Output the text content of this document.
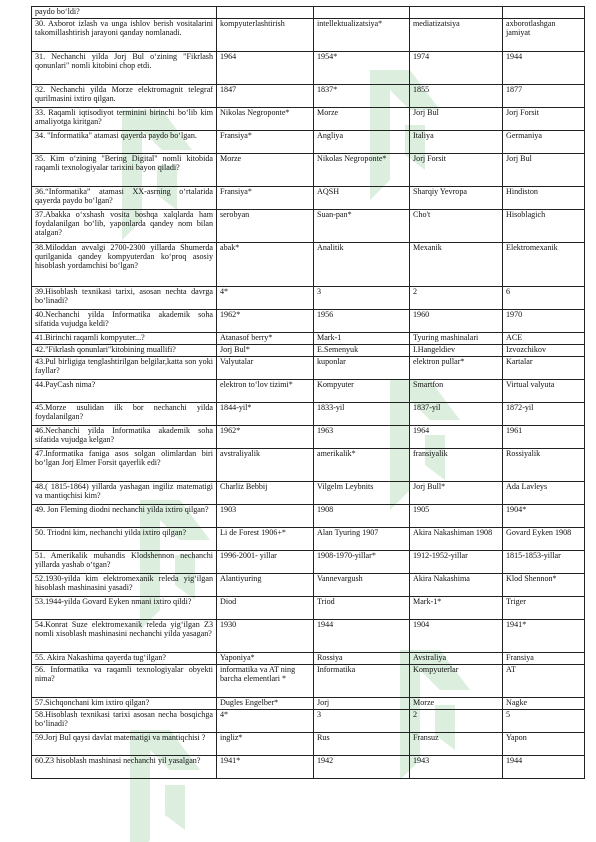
paydo bo‘ldi?				
30. Axborot izlash va unga ishlov berish vositalarini takomillashtirish jarayoni qanday nomlanadi.	kompyuterlashtirish	intellektualizatsiya*	mediatizatsiya	axborotlashgan jamiyat
31. Nechanchi yilda Jorj Bul o‘zining "Fikrlash qonunlari" nomli kitobini chop etdi.	1964	1954*	1974	1944
32. Nechanchi yilda Morze elektromagnit telegraf qurilmasini ixtiro qilgan.	1847	1837*	1855	1877
33. Raqamli iqtisodiyot terminini birinchi bo‘lib kim amaliyotga kiritgan?	Nikolas Negroponte*	Morze	Jorj Bul	Jorj Forsit
34. "Informatika" atamasi qayerda paydo bo‘lgan.	Fransiya*	Angliya	Italiya	Germaniya
35. Kim o‘zining "Bering Digital" nomli kitobida raqamli texnologiyalar tarixini bayon qiladi?	Morze	Nikolas Negroponte*	Jorj Forsit	Jorj Bul
36.“Informatika” atamasi XX-asrning o‘rtalarida qayerda paydo bo‘lgan?	Fransiya*	AQSH	Sharqiy Yevropa	Hindiston
37.Abakka o‘xshash vosita boshqa xalqlarda ham foydalanilgan bo‘lib, yaponlarda qandey nom bilan atalgan?	serobyan	Suan-pan*	Cho't	Hisoblagich
38.Miloddan avvalgi 2700-2300 yillarda Shumerda qurilganida qandey kompyuterdan ko‘proq asosiy hisoblash yordamchisi bo‘lgan?	abak*	Analitik	Mexanik	Elektromexanik
39.Hisoblash texnikasi tarixi, asosan nechta davrga bo‘linadi?	4*	3	2	6
40.Nechanchi yilda Informatika akademik soha sifatida vujudga keldi?	1962*	1956	1960	1970
41.Birinchi raqamli kompyuter...?	Atanasof berry*	Mark-1	Tyuring mashinalari	ACE
42."Fikrlash qonunlari"kitobining muallifi?	Jorj Bul*	E.Semenyuk	I.Hangeldiev	Izvozchikov
43.Pul birligiga tenglashtirilgan belgilar,katta son yoki fayllar?	Valyutalar	kuponlar	elektron pullar*	Kartalar
44.PayCash nima?	elektron to‘lov tizimi*	Kompyuter	Smartfon	Virtual valyuta
45.Morze usulidan ilk bor nechanchi yilda foydalanilgan?	1844-yil*	1833-yil	1837-yil	1872-yil
46.Nechanchi yilda Informatika akademik soha sifatida vujudga kelgan?	1962*	1963	1964	1961
47.Informatika faniga asos solgan olimlardan biri bo‘lgan Jorj Elmer Forsit qayerlik edi?	avstraliyalik	amerikalik*	fransiyalik	Rossiyalik
48.( 1815-1864) yillarda yashagan ingiliz matematigi va mantiqchisi kim?	Charliz Bebbij	Vilgelm Leybnits	Jorj Bull*	Ada Lavleys
49. Jon Fleming diodni nechanchi yilda ixtiro qilgan?	1903	1908	1905	1904*
50. Triodni kim, nechanchi yilda ixtiro qilgan?	Li de Forest 1906+*	Alan Tyuring 1907	Akira Nakashiman 1908	Govard Eyken 1908
51. Amerikalik muhandis Klodshennon nechanchi yillarda yashab o‘tgan?	1996-2001- yillar	1908-1970-yillar*	1912-1952-yillar	1815-1853-yillar
52.1930-yilda kim elektromexanik releda yig‘ilgan hisoblash mashinasini yasadi?	Alantiyuring	Vannevargush	Akira Nakashima	Klod Shennon*
53.1944-yilda Govard Eyken nmani ixtiro qildi?	Diod	Triod	Mark-1*	Triger
54.Konrat Suze elektromexanik releda yig‘ilgan Z3 nomli xisoblash mashinasini nechanchi yilda yasagan?	1930	1944	1904	1941*
55. Akira Nakashima qayerda tug‘ilgan?	Yaponiya*	Rossiya	Avstraliya	Fransiya
56. Informatika va raqamli texnologiyalar obyekti nima?	informatika va AT ning barcha elementlari *	Informatika	Kompyuterlar	AT
57.Sichqonchani kim ixtiro qilgan?	Dugles Engelber*	Jorj	Morze	Nagke
58.Hisoblash texnikasi tarixi asosan necha bosqichga bo‘linadi?	4*	3	2	5
59.Jorj Bul qaysi davlat matematigi va mantiqchisi ?	ingliz*	Rus	Fransuz	Yapon
60.Z3 hisoblash mashinasi nechanchi yil yasalgan?	1941*	1942	1943	1944
